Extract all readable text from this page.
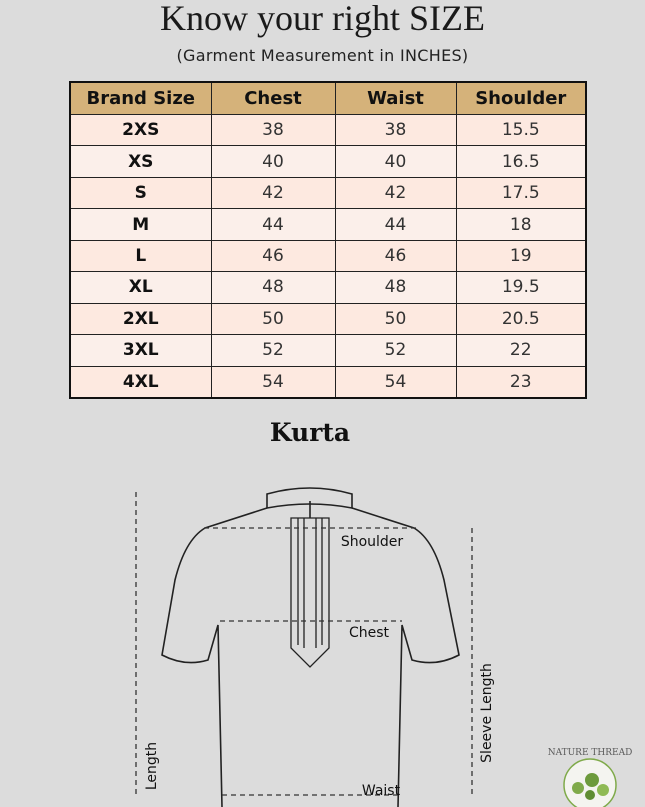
Know your right SIZE
(Garment Measurement in INCHES)
Brand Size	Chest	Waist	Shoulder
2XS	38	38	15.5
XS	40	40	16.5
S	42	42	17.5
M	44	44	18
L	46	46	19
XL	48	48	19.5
2XL	50	50	20.5
3XL	52	52	22
4XL	54	54	23
Kurta
Shoulder
Chest
Waist
Length
Sleeve Length	NATURE THREAD
